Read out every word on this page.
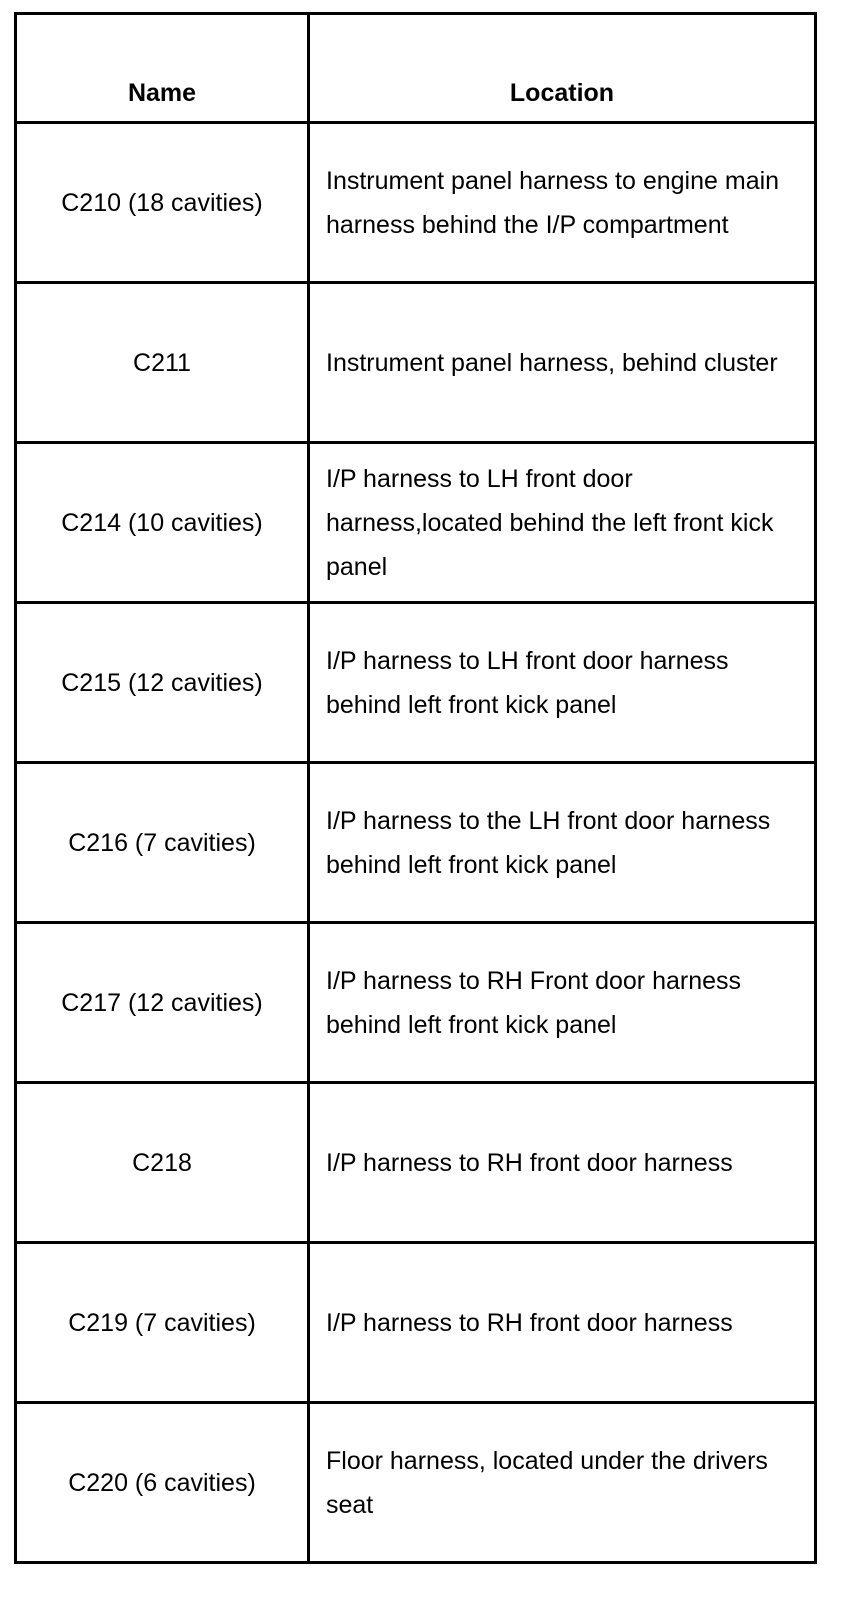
Name	Location
C210 (18 cavities)	Instrument panel harness to engine main harness behind the I/P compartment
C211	Instrument panel harness, behind cluster
C214 (10 cavities)	I/P harness to LH front door harness,located behind the left front kick panel
C215 (12 cavities)	I/P harness to LH front door harness behind left front kick panel
C216 (7 cavities)	I/P harness to the LH front door harness behind left front kick panel
C217 (12 cavities)	I/P harness to RH Front door harness behind left front kick panel
C218	I/P harness to RH front door harness
C219 (7 cavities)	I/P harness to RH front door harness
C220 (6 cavities)	Floor harness, located under the drivers seat
